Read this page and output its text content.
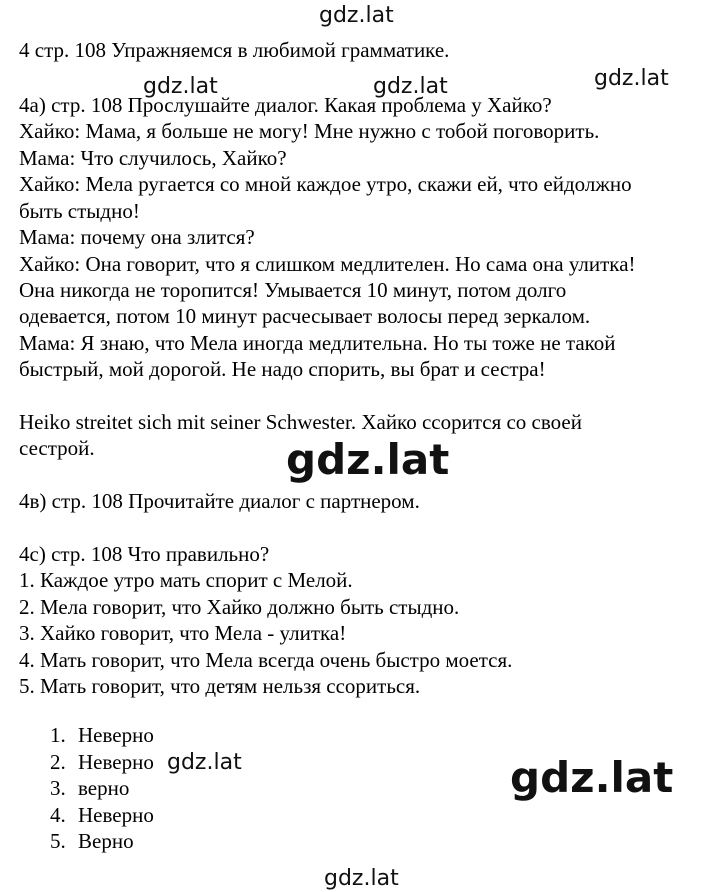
gdz.lat
gdz.lat	gdz.lat	gdz.lat

4 стр. 108 Упражняемся в любимой грамматике.

4а) стр. 108 Прослушайте диалог. Какая проблема у Хайко?

Хайко: Мама, я больше не могу! Мне нужно с тобой поговорить.

Мама: Что случилось, Хайко?

Хайко: Мела ругается со мной каждое утро, скажи ей, что ейдолжно

быть стыдно!

Мама: почему она злится?

Хайко: Она говорит, что я слишком медлителен. Но сама она улитка!

Она никогда не торопится! Умывается 10 минут, потом долго

одевается, потом 10 минут расчесывает волосы перед зеркалом.

Мама: Я знаю, что Мела иногда медлительна. Но ты тоже не такой

быстрый, мой дорогой. Не надо спорить, вы брат и сестра!

Heiko streitet sich mit seiner Schwester. Хайко ссорится со своей

сестрой.

4в) стр. 108 Прочитайте диалог с партнером.

4с) стр. 108 Что правильно?

1. Каждое утро мать спорит с Мелой.

2. Мела говорит, что Хайко должно быть стыдно.

3. Хайко говорит, что Мела - улитка!

4. Мать говорит, что Мела всегда очень быстро моется.

5. Мать говорит, что детям нельзя ссориться.

1. Неверно
2. Неверно
3. верно
4. Неверно
5. Верно
gdz.lat
gdz.lat
gdz.lat
gdz.lat
